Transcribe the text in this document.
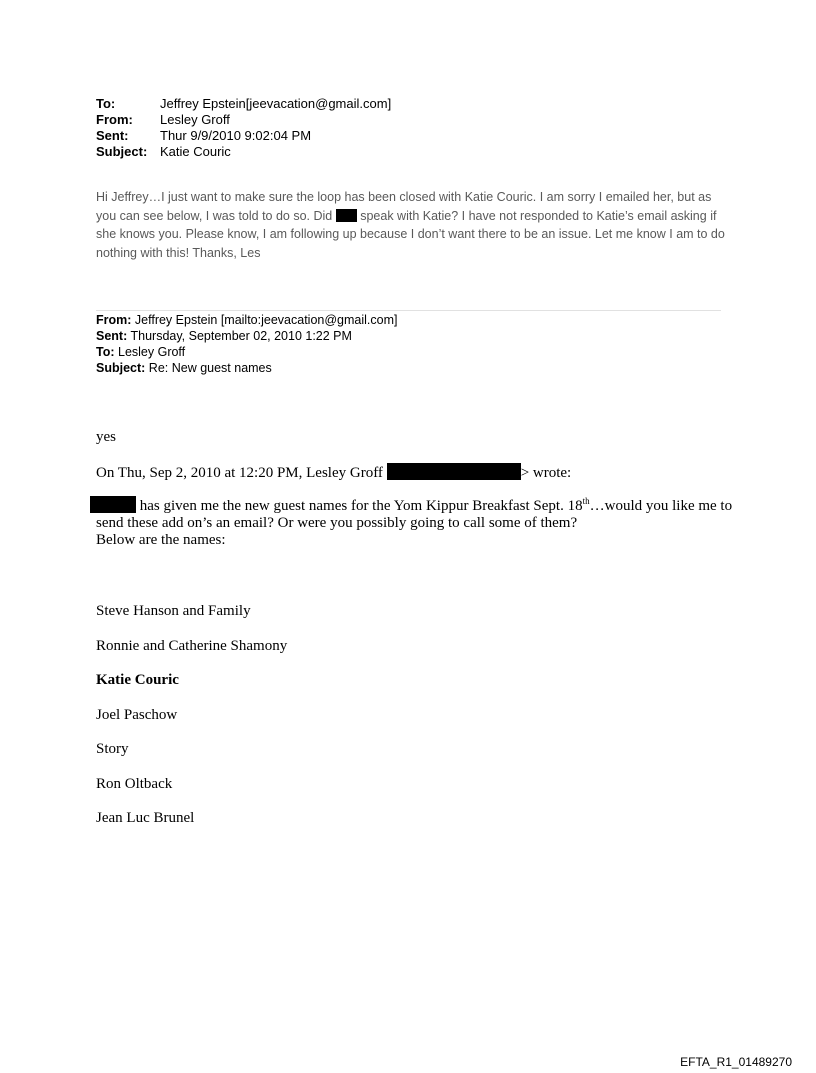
To:	Jeffrey Epstein[jeevacation@gmail.com]
From: Lesley Groff
Sent: Thur 9/9/2010 9:02:04 PM
Subject: Katie Couric

Hi Jeffrey…I just want to make sure the loop has been closed with Katie Couric. I am sorry I emailed her, but as you can see below, I was told to do so. Did  speak with Katie? I have not responded to Katie’s email asking if she knows you. Please know, I am following up because I don’t want there to be an issue. Let me know I am to do nothing with this! Thanks, Les

From: Jeffrey Epstein [mailto:jeevacation@gmail.com]
Sent: Thursday, September 02, 2010 1:22 PM
To: Lesley Groff
Subject: Re: New guest names
yes
On Thu, Sep 2, 2010 at 12:20 PM, Lesley Groff	> wrote:

has given me the new guest names for the Yom Kippur Breakfast Sept. 18th…would you like me to send these add on’s an email? Or were you possibly going to call some of them?
Below are the names:

Steve Hanson and Family
Ronnie and Catherine Shamony
Katie Couric
Joel Paschow
Story
Ron Oltback
Jean Luc Brunel
EFTA_R1_01489270
